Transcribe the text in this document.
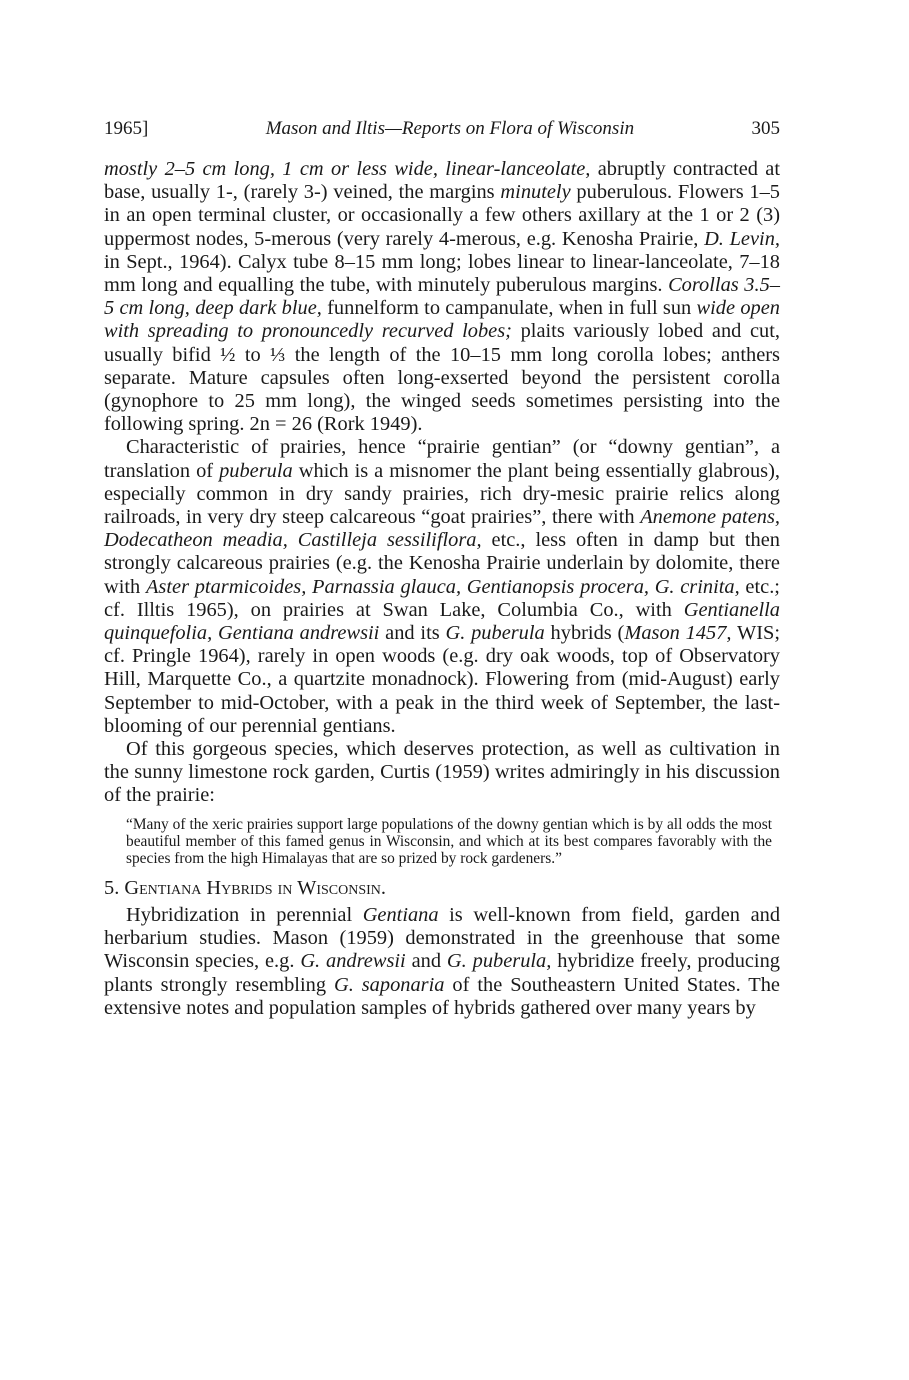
1965]	Mason and Iltis—Reports on Flora of Wisconsin	305

mostly 2–5 cm long, 1 cm or less wide, linear-lanceolate, abruptly contracted at base, usually 1-, (rarely 3-) veined, the margins minutely puberulous. Flowers 1–5 in an open terminal cluster, or occasionally a few others axillary at the 1 or 2 (3) uppermost nodes, 5-merous (very rarely 4-merous, e.g. Kenosha Prairie, D. Levin, in Sept., 1964). Calyx tube 8–15 mm long; lobes linear to linear-lanceolate, 7–18 mm long and equalling the tube, with minutely puberulous margins. Corollas 3.5–5 cm long, deep dark blue, funnelform to campanulate, when in full sun wide open with spreading to pronouncedly recurved lobes; plaits variously lobed and cut, usually bifid ½ to ⅓ the length of the 10–15 mm long corolla lobes; anthers separate. Mature capsules often long-exserted beyond the persistent corolla (gynophore to 25 mm long), the winged seeds sometimes persisting into the following spring. 2n = 26 (Rork 1949).

Characteristic of prairies, hence “prairie gentian” (or “downy gentian”, a translation of puberula which is a misnomer the plant being essentially glabrous), especially common in dry sandy prairies, rich dry-mesic prairie relics along railroads, in very dry steep calcareous “goat prairies”, there with Anemone patens, Dodecatheon meadia, Castilleja sessiliflora, etc., less often in damp but then strongly calcareous prairies (e.g. the Kenosha Prairie underlain by dolomite, there with Aster ptarmicoides, Parnassia glauca, Gentianopsis procera, G. crinita, etc.; cf. Illtis 1965), on prairies at Swan Lake, Columbia Co., with Gentianella quinquefolia, Gentiana andrewsii and its G. puberula hybrids (Mason 1457, WIS; cf. Pringle 1964), rarely in open woods (e.g. dry oak woods, top of Observatory Hill, Marquette Co., a quartzite monadnock). Flowering from (mid-August) early September to mid-October, with a peak in the third week of September, the last-blooming of our perennial gentians.

Of this gorgeous species, which deserves protection, as well as cultivation in the sunny limestone rock garden, Curtis (1959) writes admiringly in his discussion of the prairie:

“Many of the xeric prairies support large populations of the downy gentian which is by all odds the most beautiful member of this famed genus in Wisconsin, and which at its best compares favorably with the species from the high Himalayas that are so prized by rock gardeners.”
5. Gentiana Hybrids in Wisconsin.

Hybridization in perennial Gentiana is well-known from field, garden and herbarium studies. Mason (1959) demonstrated in the greenhouse that some Wisconsin species, e.g. G. andrewsii and G. puberula, hybridize freely, producing plants strongly resembling G. saponaria of the Southeastern United States. The extensive notes and population samples of hybrids gathered over many years by
